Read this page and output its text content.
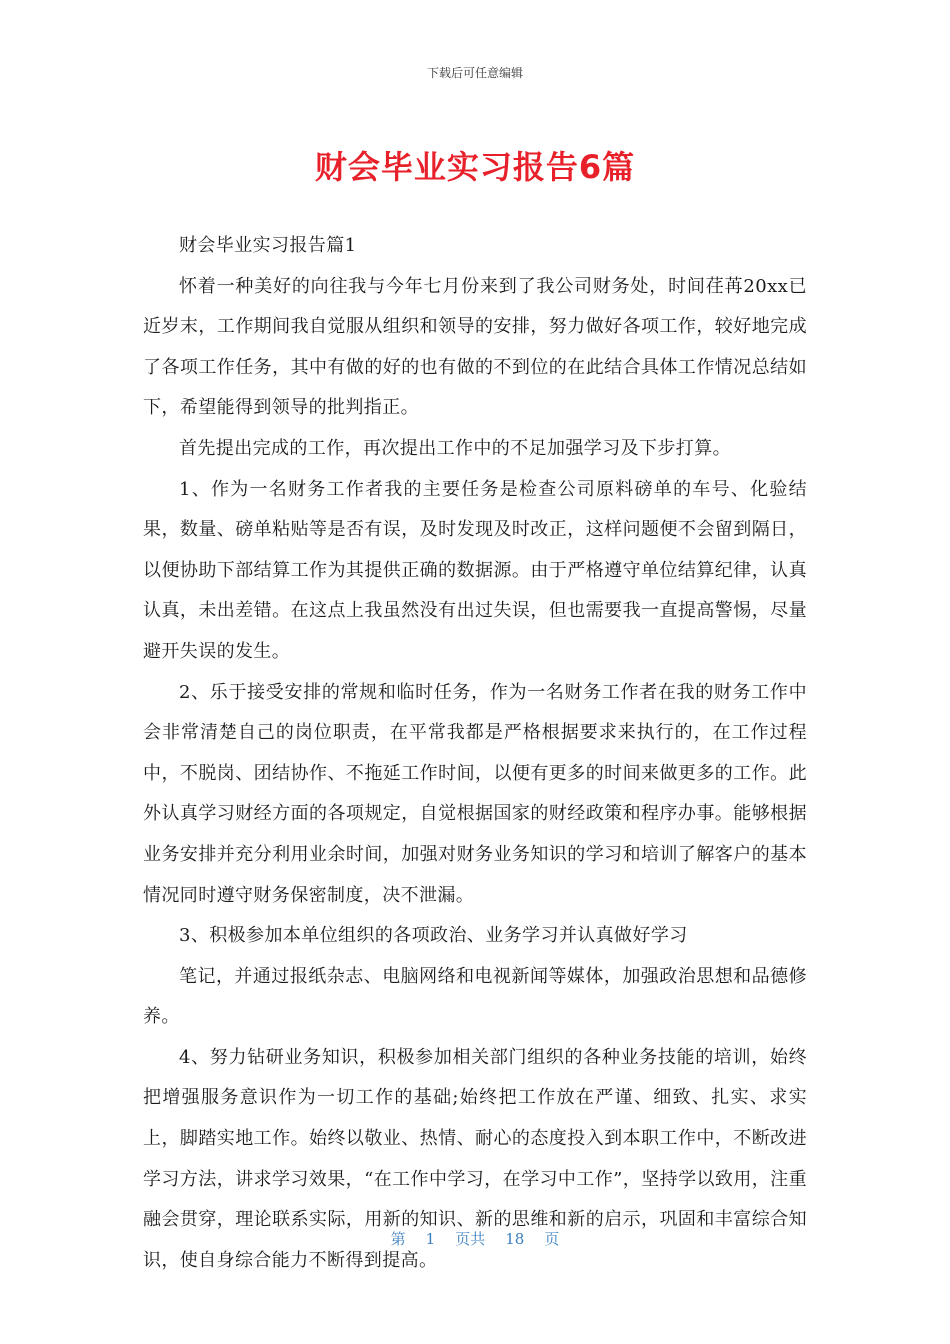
下载后可任意编辑
财会毕业实习报告6篇

财会毕业实习报告篇1

怀着一种美好的向往我与今年七月份来到了我公司财务处，时间荏苒20xx已近岁末，工作期间我自觉服从组织和领导的安排，努力做好各项工作，较好地完成了各项工作任务，其中有做的好的也有做的不到位的在此结合具体工作情况总结如下，希望能得到领导的批判指正。

首先提出完成的工作，再次提出工作中的不足加强学习及下步打算。

1、作为一名财务工作者我的主要任务是检查公司原料磅单的车号、化验结果，数量、磅单粘贴等是否有误，及时发现及时改正，这样问题便不会留到隔日，以便协助下部结算工作为其提供正确的数据源。由于严格遵守单位结算纪律，认真认真，未出差错。在这点上我虽然没有出过失误，但也需要我一直提高警惕，尽量避开失误的发生。

2、乐于接受安排的常规和临时任务，作为一名财务工作者在我的财务工作中会非常清楚自己的岗位职责，在平常我都是严格根据要求来执行的，在工作过程中，不脱岗、团结协作、不拖延工作时间，以便有更多的时间来做更多的工作。此外认真学习财经方面的各项规定，自觉根据国家的财经政策和程序办事。能够根据业务安排并充分利用业余时间，加强对财务业务知识的学习和培训了解客户的基本情况同时遵守财务保密制度，决不泄漏。

3、积极参加本单位组织的各项政治、业务学习并认真做好学习

笔记，并通过报纸杂志、电脑网络和电视新闻等媒体，加强政治思想和品德修养。

4、努力钻研业务知识，积极参加相关部门组织的各种业务技能的培训，始终把增强服务意识作为一切工作的基础;始终把工作放在严谨、细致、扎实、求实上，脚踏实地工作。始终以敬业、热情、耐心的态度投入到本职工作中，不断改进学习方法，讲求学习效果，“在工作中学习，在学习中工作”，坚持学以致用，注重融会贯穿，理论联系实际，用新的知识、新的思维和新的启示，巩固和丰富综合知识，使自身综合能力不断得到提高。

第 1 页共 18 页
